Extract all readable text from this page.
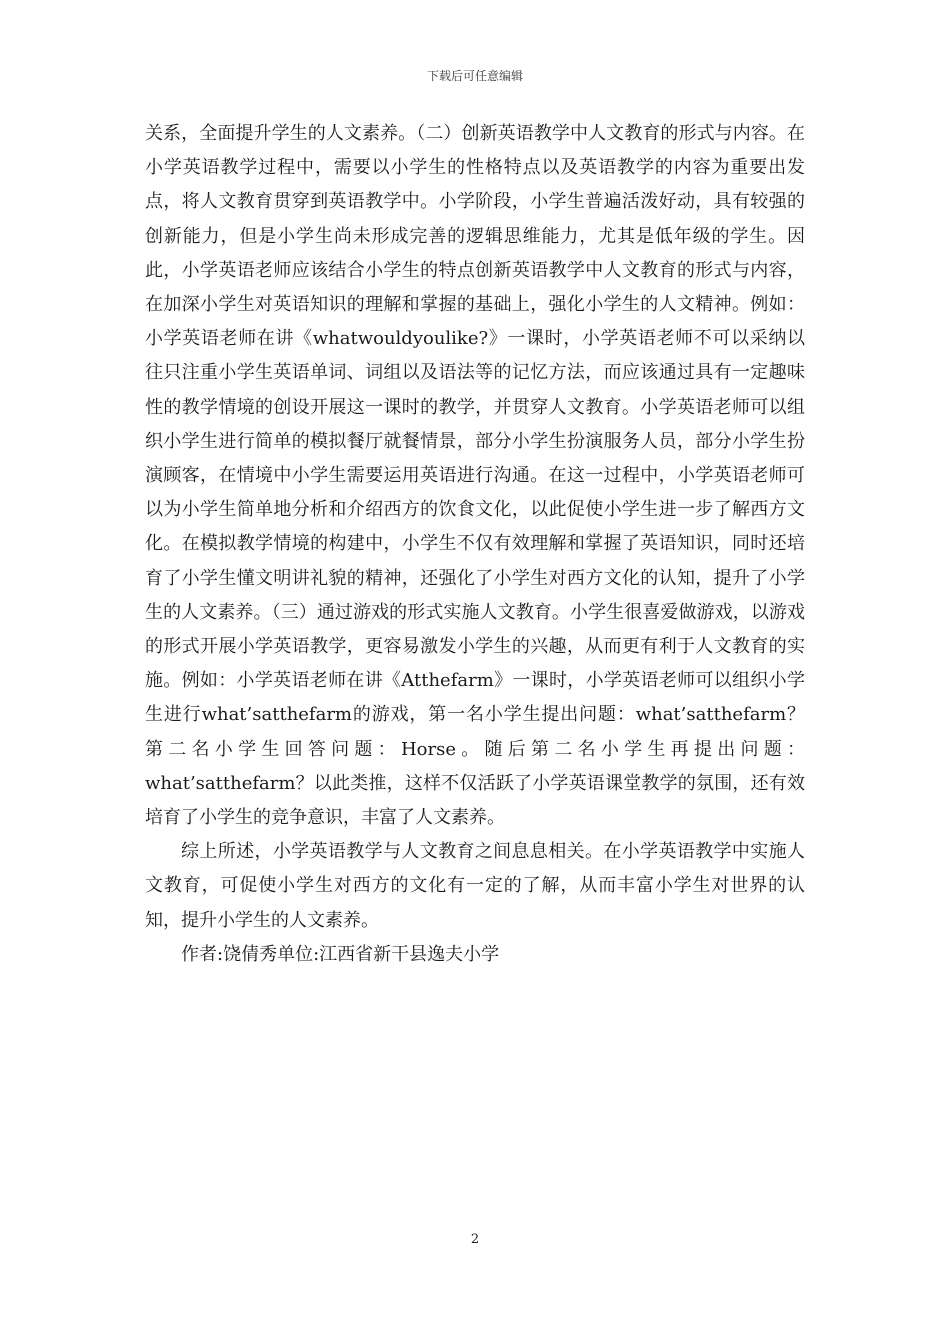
下载后可任意编辑

关系，全面提升学生的人文素养。（二）创新英语教学中人文教育的形式与内容。在小学英语教学过程中，需要以小学生的性格特点以及英语教学的内容为重要出发点，将人文教育贯穿到英语教学中。小学阶段，小学生普遍活泼好动，具有较强的创新能力，但是小学生尚未形成完善的逻辑思维能力，尤其是低年级的学生。因此，小学英语老师应该结合小学生的特点创新英语教学中人文教育的形式与内容，在加深小学生对英语知识的理解和掌握的基础上，强化小学生的人文精神。例如：小学英语老师在讲《whatwouldyoulike?》一课时，小学英语老师不可以采纳以往只注重小学生英语单词、词组以及语法等的记忆方法，而应该通过具有一定趣味性的教学情境的创设开展这一课时的教学，并贯穿人文教育。小学英语老师可以组织小学生进行简单的模拟餐厅就餐情景，部分小学生扮演服务人员，部分小学生扮演顾客，在情境中小学生需要运用英语进行沟通。在这一过程中，小学英语老师可以为小学生简单地分析和介绍西方的饮食文化，以此促使小学生进一步了解西方文化。在模拟教学情境的构建中，小学生不仅有效理解和掌握了英语知识，同时还培育了小学生懂文明讲礼貌的精神，还强化了小学生对西方文化的认知，提升了小学生的人文素养。（三）通过游戏的形式实施人文教育。小学生很喜爱做游戏，以游戏的形式开展小学英语教学，更容易激发小学生的兴趣，从而更有利于人文教育的实施。例如：小学英语老师在讲《Atthefarm》一课时，小学英语老师可以组织小学生进行what’satthefarm的游戏，第一名小学生提出问题：what’satthefarm？第二名小学生回答问题：Horse。随后第二名小学生再提出问题：what’satthefarm？以此类推，这样不仅活跃了小学英语课堂教学的氛围，还有效培育了小学生的竞争意识，丰富了人文素养。

综上所述，小学英语教学与人文教育之间息息相关。在小学英语教学中实施人文教育，可促使小学生对西方的文化有一定的了解，从而丰富小学生对世界的认知，提升小学生的人文素养。

作者:饶倩秀单位:江西省新干县逸夫小学

2
